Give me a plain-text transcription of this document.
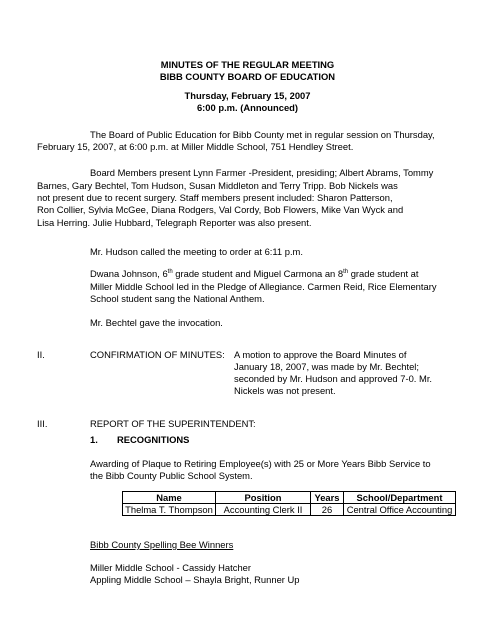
MINUTES OF THE REGULAR MEETING
BIBB COUNTY BOARD OF EDUCATION
Thursday, February 15, 2007
6:00 p.m. (Announced)
The Board of Public Education for Bibb County met in regular session on Thursday,
February 15, 2007, at 6:00 p.m. at Miller Middle School, 751 Hendley Street.
Board Members present Lynn Farmer -President, presiding; Albert Abrams, Tommy
Barnes, Gary Bechtel, Tom Hudson, Susan Middleton and Terry Tripp. Bob Nickels was
not present due to recent surgery. Staff members present included: Sharon Patterson,
Ron Collier, Sylvia McGee, Diana Rodgers, Val Cordy, Bob Flowers, Mike Van Wyck and
Lisa Herring. Julie Hubbard, Telegraph Reporter was also present.
Mr. Hudson called the meeting to order at 6:11 p.m.
Dwana Johnson, 6th grade student and Miguel Carmona an 8th grade student at
Miller Middle School led in the Pledge of Allegiance. Carmen Reid, Rice Elementary
School student sang the National Anthem.
Mr. Bechtel gave the invocation.
II.	CONFIRMATION OF MINUTES: A motion to approve the Board Minutes of
January 18, 2007, was made by Mr. Bechtel;
seconded by Mr. Hudson and approved 7-0. Mr.
Nickels was not present.
III.	REPORT OF THE SUPERINTENDENT:
1. RECOGNITIONS
Awarding of Plaque to Retiring Employee(s) with 25 or More Years Bibb Service to
the Bibb County Public School System.
Name	Position	Years	School/Department
Thelma T. Thompson	Accounting Clerk II	26	Central Office Accounting
Bibb County Spelling Bee Winners
Miller Middle School - Cassidy Hatcher
Appling Middle School – Shayla Bright, Runner Up
